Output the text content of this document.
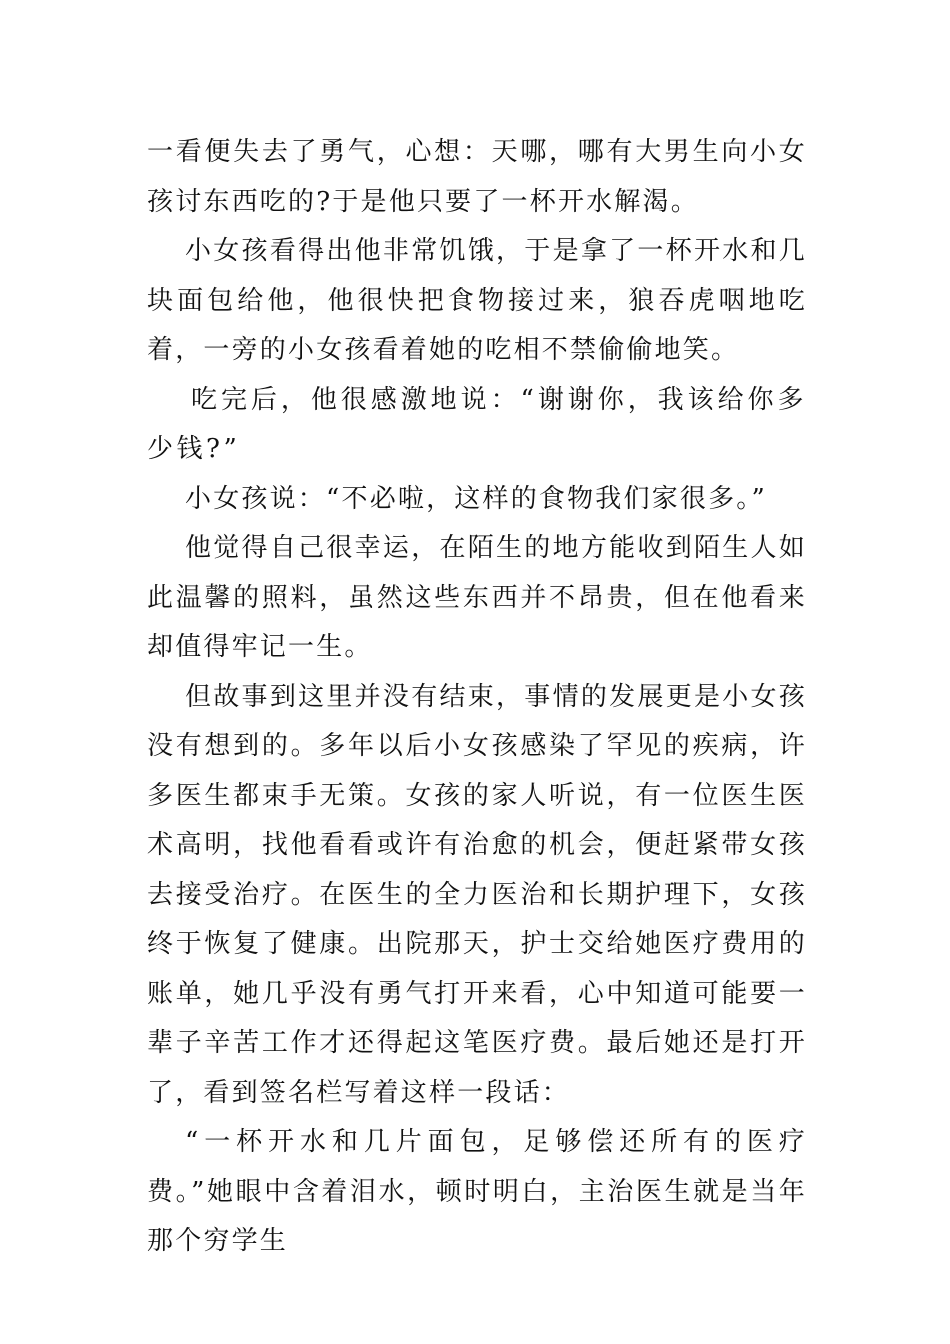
一看便失去了勇气，心想：天哪，哪有大男生向小女孩讨东西吃的?于是他只要了一杯开水解渴。

小女孩看得出他非常饥饿，于是拿了一杯开水和几块面包给他，他很快把食物接过来，狼吞虎咽地吃着，一旁的小女孩看着她的吃相不禁偷偷地笑。

吃完后，他很感激地说：“谢谢你，我该给你多少钱?”

小女孩说：“不必啦，这样的食物我们家很多。”

他觉得自己很幸运，在陌生的地方能收到陌生人如此温馨的照料，虽然这些东西并不昂贵，但在他看来却值得牢记一生。

但故事到这里并没有结束，事情的发展更是小女孩没有想到的。多年以后小女孩感染了罕见的疾病，许多医生都束手无策。女孩的家人听说，有一位医生医术高明，找他看看或许有治愈的机会，便赶紧带女孩去接受治疗。在医生的全力医治和长期护理下，女孩终于恢复了健康。出院那天，护士交给她医疗费用的账单，她几乎没有勇气打开来看，心中知道可能要一辈子辛苦工作才还得起这笔医疗费。最后她还是打开了，看到签名栏写着这样一段话：

“一杯开水和几片面包，足够偿还所有的医疗费。”她眼中含着泪水，顿时明白，主治医生就是当年那个穷学生
